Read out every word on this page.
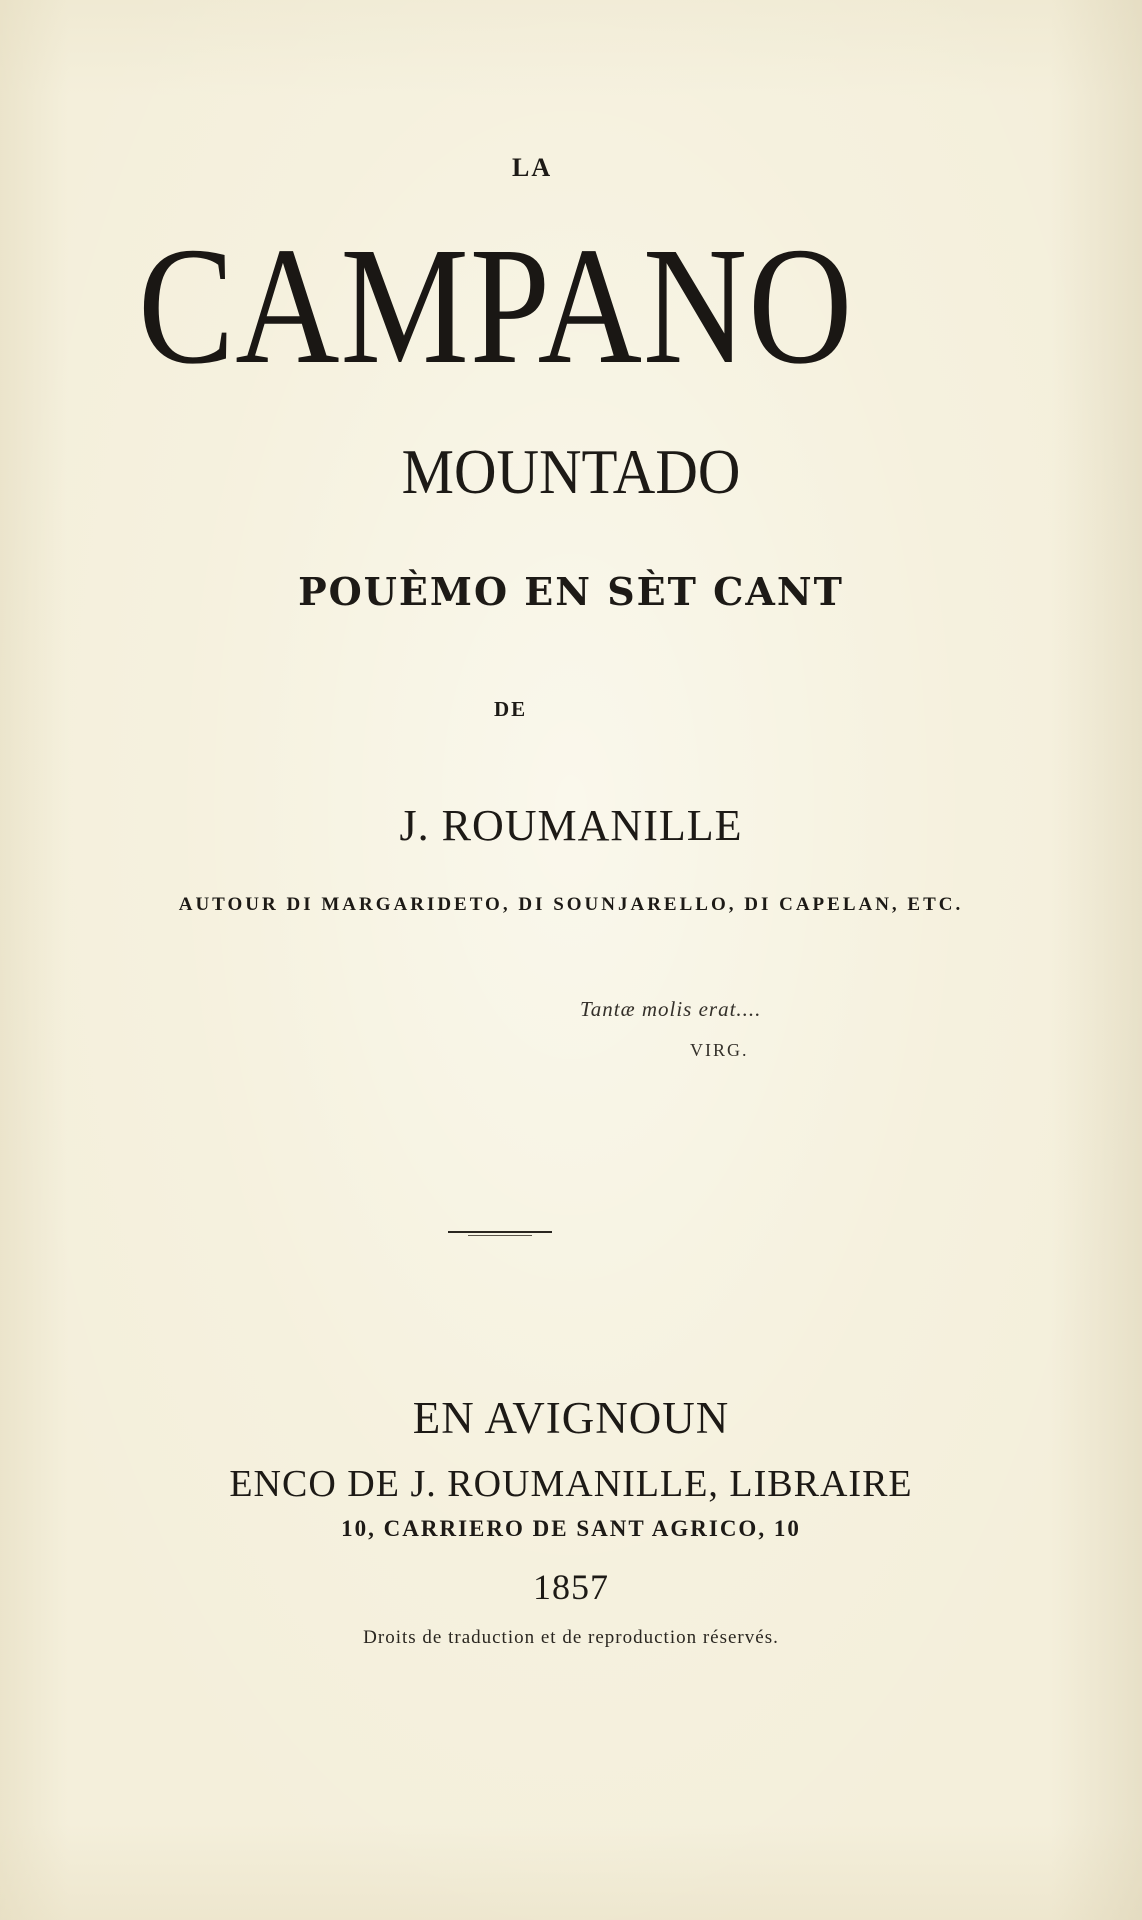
LA

CAMPANO

MOUNTADO

POUÈMO EN SÈT CANT

DE

J. ROUMANILLE

AUTOUR DI MARGARIDETO, DI SOUNJARELLO, DI CAPELAN, ETC.

Tantæ molis erat....

VIRG.

EN AVIGNOUN

ENCO DE J. ROUMANILLE, LIBRAIRE

10, CARRIERO DE SANT AGRICO, 10

1857

Droits de traduction et de reproduction réservés.
